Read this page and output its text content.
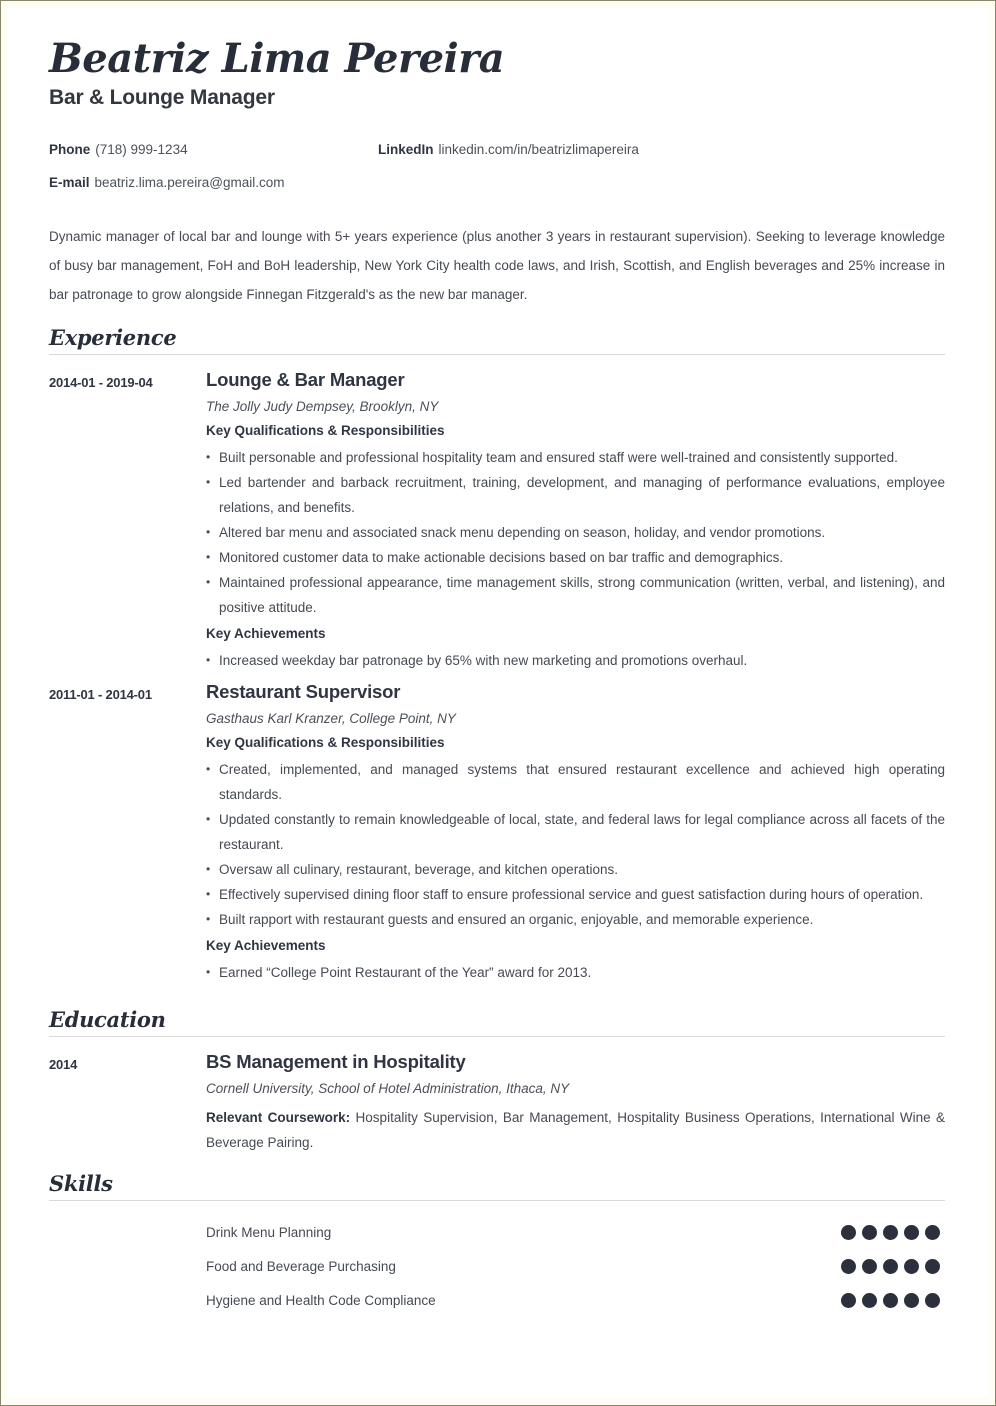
Beatriz Lima Pereira
Bar & Lounge Manager
Phone (718) 999-1234	LinkedIn linkedin.com/in/beatrizlimapereira
E-mail beatriz.lima.pereira@gmail.com
Dynamic manager of local bar and lounge with 5+ years experience (plus another 3 years in restaurant supervision). Seeking to leverage knowledge of busy bar management, FoH and BoH leadership, New York City health code laws, and Irish, Scottish, and English beverages and 25% increase in bar patronage to grow alongside Finnegan Fitzgerald's as the new bar manager.
Experience
2014-01 - 2019-04	Lounge & Bar Manager
The Jolly Judy Dempsey, Brooklyn, NY
Key Qualifications & Responsibilities
• Built personable and professional hospitality team and ensured staff were well-trained and consistently supported.
• Led bartender and barback recruitment, training, development, and managing of performance evaluations, employee relations, and benefits.
• Altered bar menu and associated snack menu depending on season, holiday, and vendor promotions.
• Monitored customer data to make actionable decisions based on bar traffic and demographics.
• Maintained professional appearance, time management skills, strong communication (written, verbal, and listening), and positive attitude.
Key Achievements
• Increased weekday bar patronage by 65% with new marketing and promotions overhaul.
2011-01 - 2014-01	Restaurant Supervisor
Gasthaus Karl Kranzer, College Point, NY
Key Qualifications & Responsibilities
• Created, implemented, and managed systems that ensured restaurant excellence and achieved high operating standards.
• Updated constantly to remain knowledgeable of local, state, and federal laws for legal compliance across all facets of the restaurant.
• Oversaw all culinary, restaurant, beverage, and kitchen operations.
• Effectively supervised dining floor staff to ensure professional service and guest satisfaction during hours of operation.
• Built rapport with restaurant guests and ensured an organic, enjoyable, and memorable experience.
Key Achievements
• Earned “College Point Restaurant of the Year” award for 2013.
Education
2014	BS Management in Hospitality
Cornell University, School of Hotel Administration, Ithaca, NY
Relevant Coursework: Hospitality Supervision, Bar Management, Hospitality Business Operations, International Wine & Beverage Pairing.
Skills
Drink Menu Planning
Food and Beverage Purchasing
Hygiene and Health Code Compliance
